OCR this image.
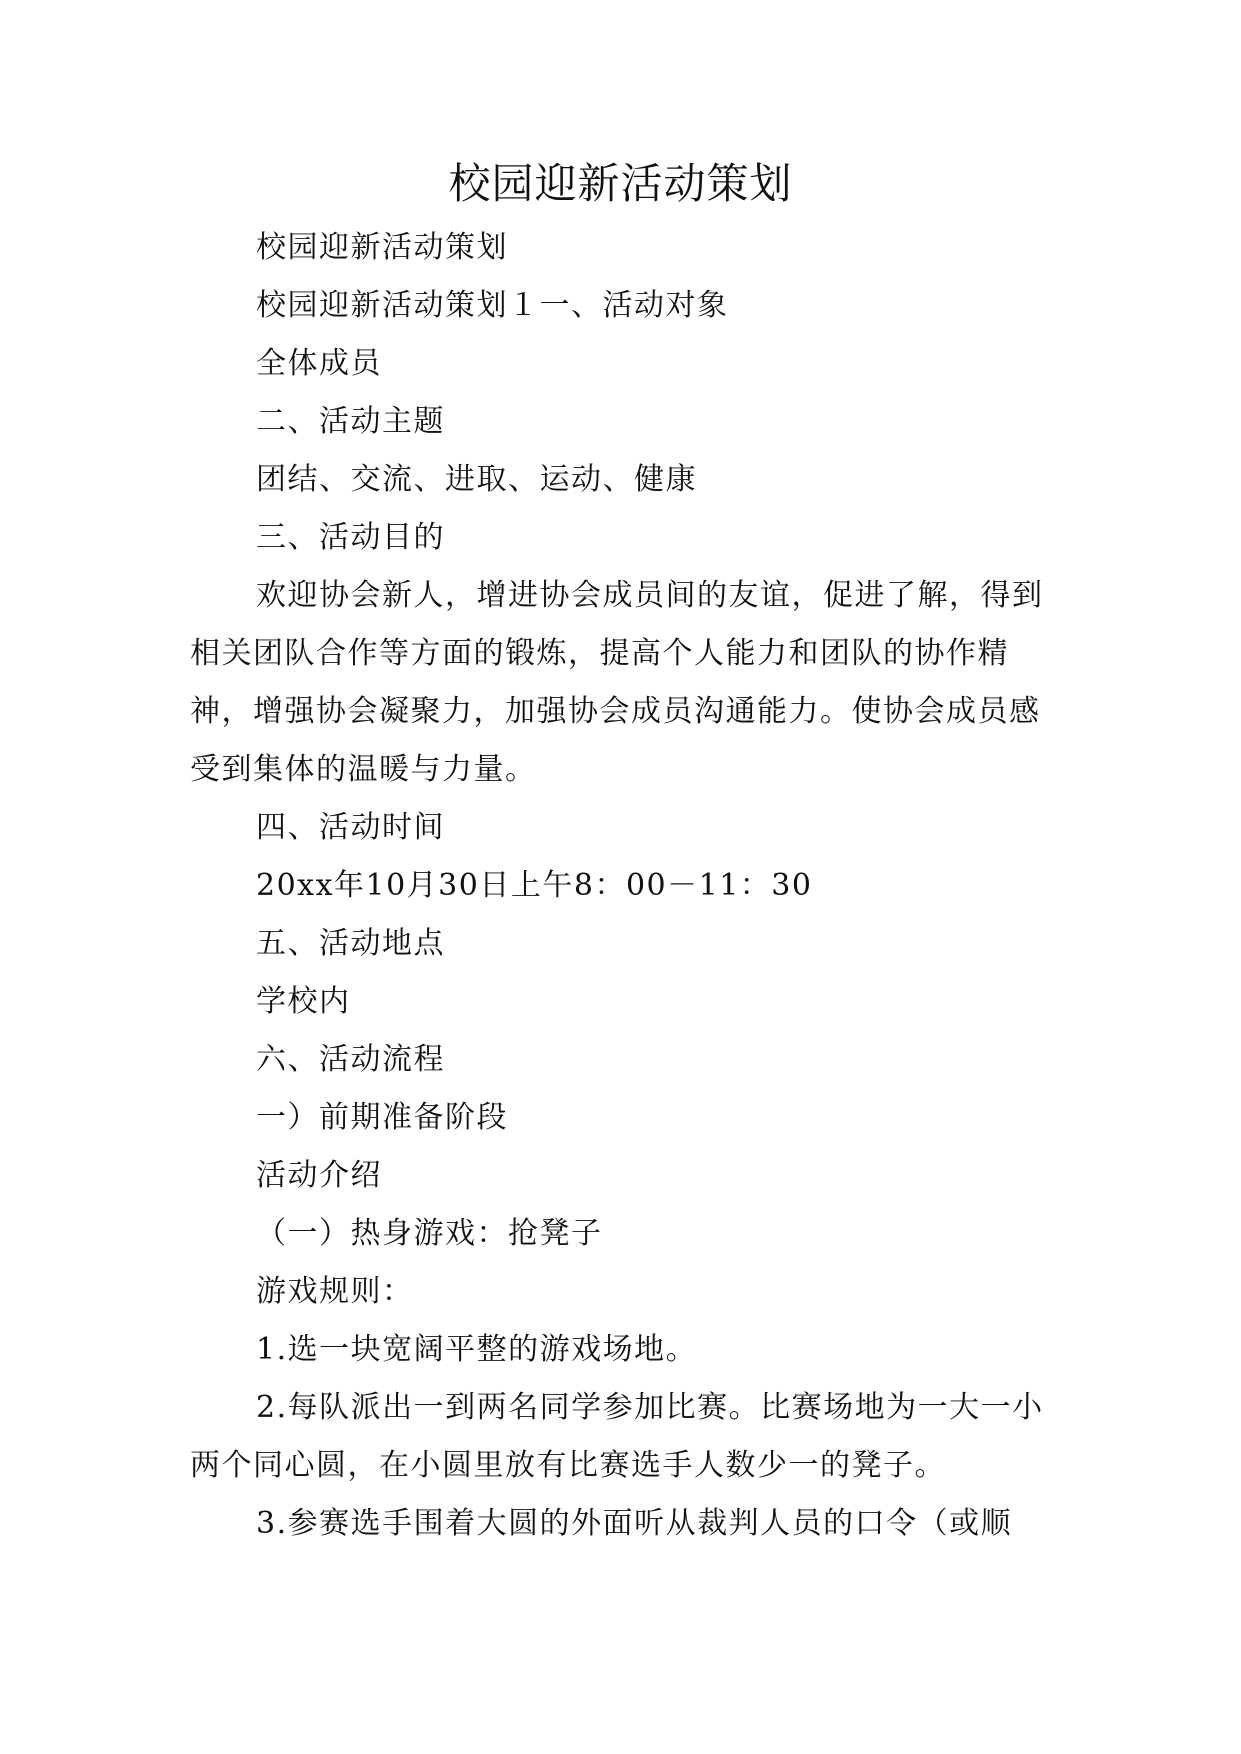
校园迎新活动策划

校园迎新活动策划

校园迎新活动策划１一、活动对象

全体成员

二、活动主题

团结、交流、进取、运动、健康

三、活动目的

欢迎协会新人，增进协会成员间的友谊，促进了解，得到相关团队合作等方面的锻炼，提高个人能力和团队的协作精神，增强协会凝聚力，加强协会成员沟通能力。使协会成员感受到集体的温暖与力量。

四、活动时间

20xx年10月30日上午8：00－11：30

五、活动地点

学校内

六、活动流程

一）前期准备阶段

活动介绍

（一）热身游戏：抢凳子

游戏规则：

1.选一块宽阔平整的游戏场地。

2.每队派出一到两名同学参加比赛。比赛场地为一大一小两个同心圆，在小圆里放有比赛选手人数少一的凳子。

3.参赛选手围着大圆的外面听从裁判人员的口令（或顺
